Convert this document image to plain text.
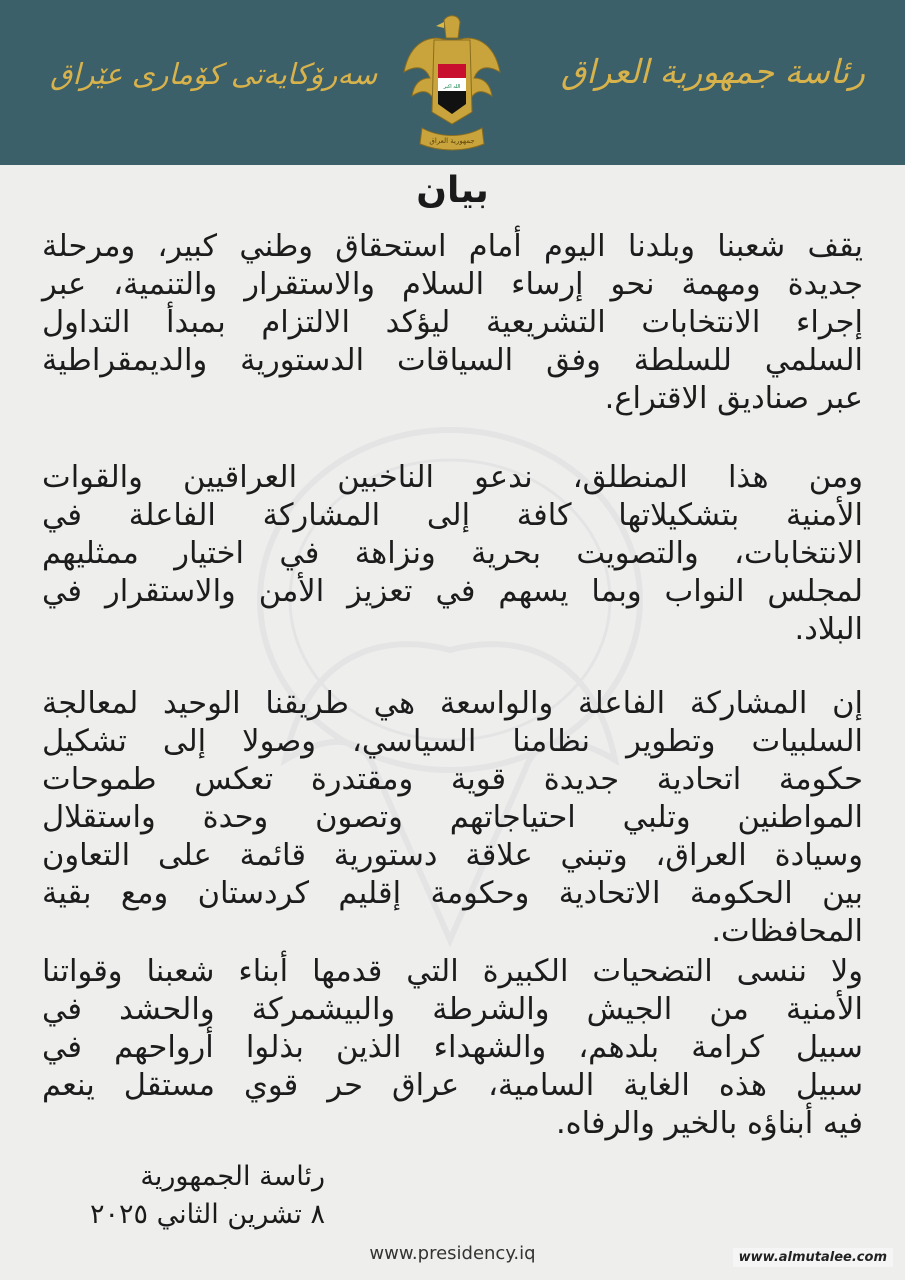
رئاسة جمهورية العراق
سەرۆکایەتی کۆماری عێراق	الله اكبر
جمهورية العراق
بيان
يقف شعبنا وبلدنا اليوم أمام استحقاق وطني كبير، ومرحلة
جديدة ومهمة نحو إرساء السلام والاستقرار والتنمية، عبر
إجراء الانتخابات التشريعية ليؤكد الالتزام بمبدأ التداول
السلمي للسلطة وفق السياقات الدستورية والديمقراطية
عبر صناديق الاقتراع.
ومن هذا المنطلق، ندعو الناخبين العراقيين والقوات
الأمنية بتشكيلاتها كافة إلى المشاركة الفاعلة في
الانتخابات، والتصويت بحرية ونزاهة في اختيار ممثليهم
لمجلس النواب وبما يسهم في تعزيز الأمن والاستقرار في
البلاد.
إن المشاركة الفاعلة والواسعة هي طريقنا الوحيد لمعالجة
السلبيات وتطوير نظامنا السياسي، وصولا إلى تشكيل
حكومة اتحادية جديدة قوية ومقتدرة تعكس طموحات
المواطنين وتلبي احتياجاتهم وتصون وحدة واستقلال
وسيادة العراق، وتبني علاقة دستورية قائمة على التعاون
بين الحكومة الاتحادية وحكومة إقليم كردستان ومع بقية
المحافظات.
ولا ننسى التضحيات الكبيرة التي قدمها أبناء شعبنا وقواتنا
الأمنية من الجيش والشرطة والبيشمركة والحشد في
سبيل كرامة بلدهم، والشهداء الذين بذلوا أرواحهم في
سبيل هذه الغاية السامية، عراق حر قوي مستقل ينعم
فيه أبناؤه بالخير والرفاه.
رئاسة الجمهورية
٨ تشرين الثاني ٢٠٢٥
www.presidency.iq	www.almutalee.com
